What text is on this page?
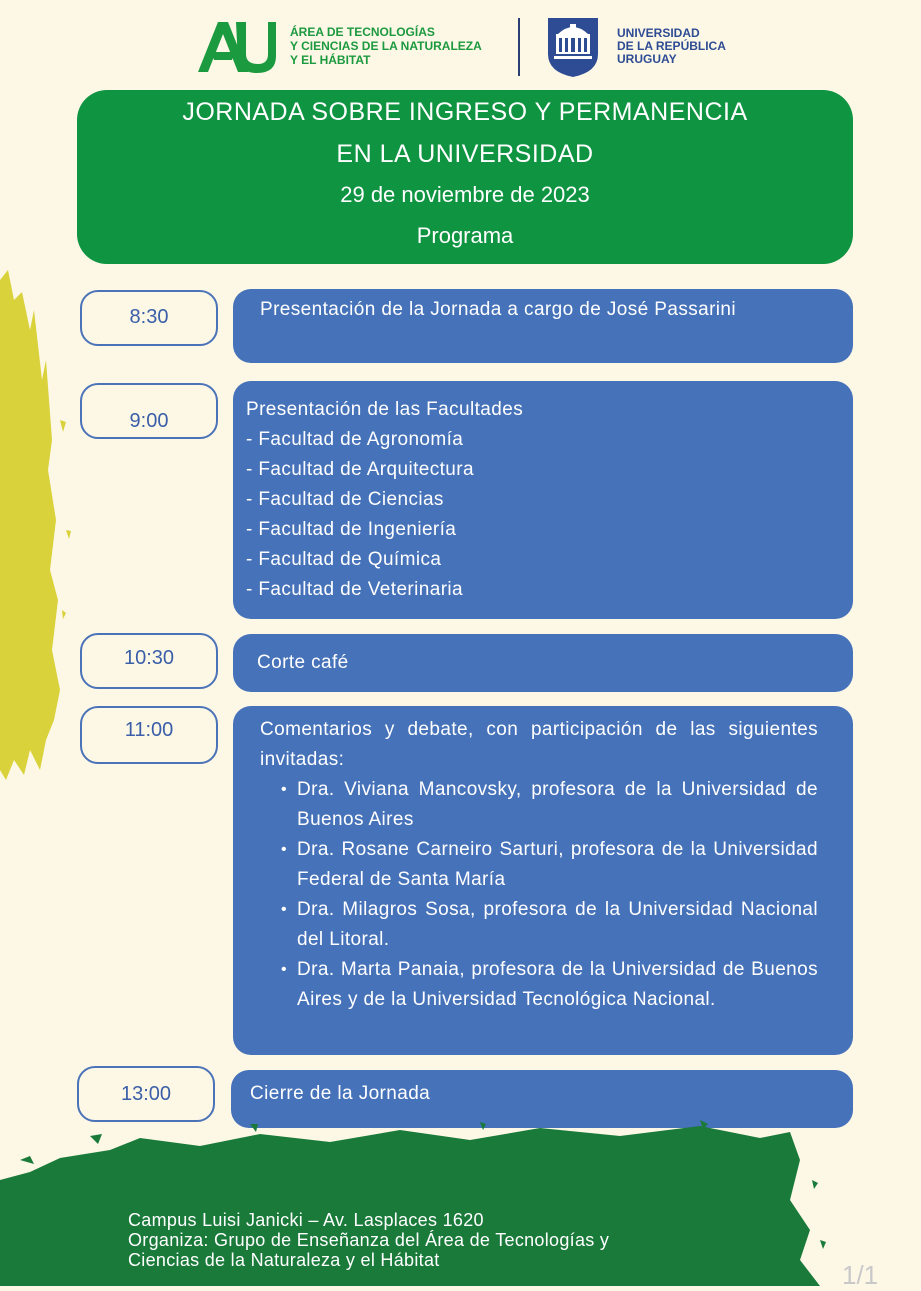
ÁREA DE TECNOLOGÍAS
Y CIENCIAS DE LA NATURALEZA
Y EL HÁBITAT
UNIVERSIDAD
DE LA REPÚBLICA
URUGUAY
JORNADA SOBRE INGRESO Y PERMANENCIA
EN LA UNIVERSIDAD
29 de noviembre de 2023
Programa
8:30	Presentación de la Jornada a cargo de José Passarini
9:00
Presentación de las Facultades
- Facultad de Agronomía
- Facultad de Arquitectura
- Facultad de Ciencias
- Facultad de Ingeniería
- Facultad de Química
- Facultad de Veterinaria
10:30	Corte café
11:00	Comentarios y debate, con participación de las siguientes invitadas:
• Dra. Viviana Mancovsky, profesora de la Universidad de Buenos Aires
• Dra. Rosane Carneiro Sarturi, profesora de la Universidad Federal de Santa María
• Dra. Milagros Sosa, profesora de la Universidad Nacional del Litoral.
• Dra. Marta Panaia, profesora de la Universidad de Buenos Aires y de la Universidad Tecnológica Nacional.
13:00	Cierre de la Jornada
Campus Luisi Janicki – Av. Lasplaces 1620
Organiza: Grupo de Enseñanza del Área de Tecnologías y
Ciencias de la Naturaleza y el Hábitat	1/1
